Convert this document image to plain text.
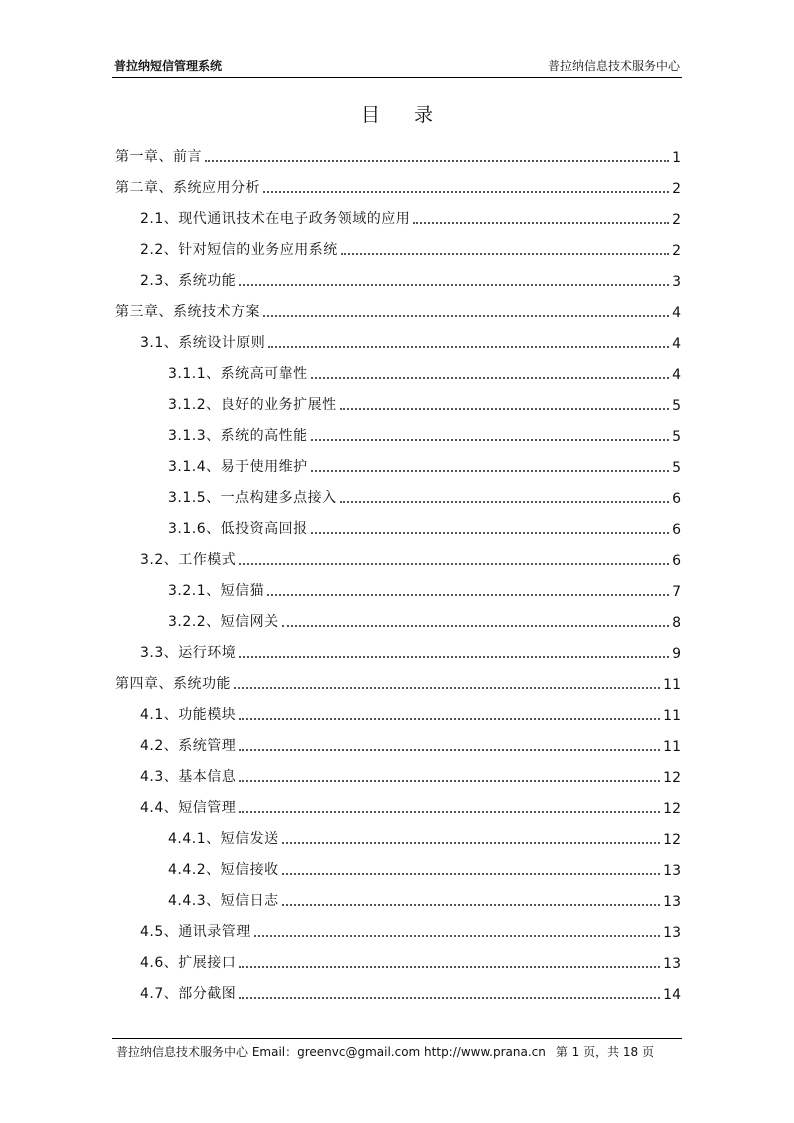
普拉纳短信管理系统	普拉纳信息技术服务中心
目 录
第一章、前言	1
第二章、系统应用分析	2
2.1、现代通讯技术在电子政务领域的应用	2
2.2、针对短信的业务应用系统	2
2.3、系统功能	3
第三章、系统技术方案	4
3.1、系统设计原则	4
3.1.1、系统高可靠性	4
3.1.2、良好的业务扩展性	5
3.1.3、系统的高性能	5
3.1.4、易于使用维护	5
3.1.5、一点构建多点接入	6
3.1.6、低投资高回报	6
3.2、工作模式	6
3.2.1、短信猫	7
3.2.2、短信网关	8
3.3、运行环境	9
第四章、系统功能	11
4.1、功能模块	11
4.2、系统管理	11
4.3、基本信息	12
4.4、短信管理	12
4.4.1、短信发送	12
4.4.2、短信接收	13
4.4.3、短信日志	13
4.5、通讯录管理	13
4.6、扩展接口	13
4.7、部分截图	14
普拉纳信息技术服务中心 Email：greenvc@gmail.com http://www.prana.cn 第 1 页，共 18 页
